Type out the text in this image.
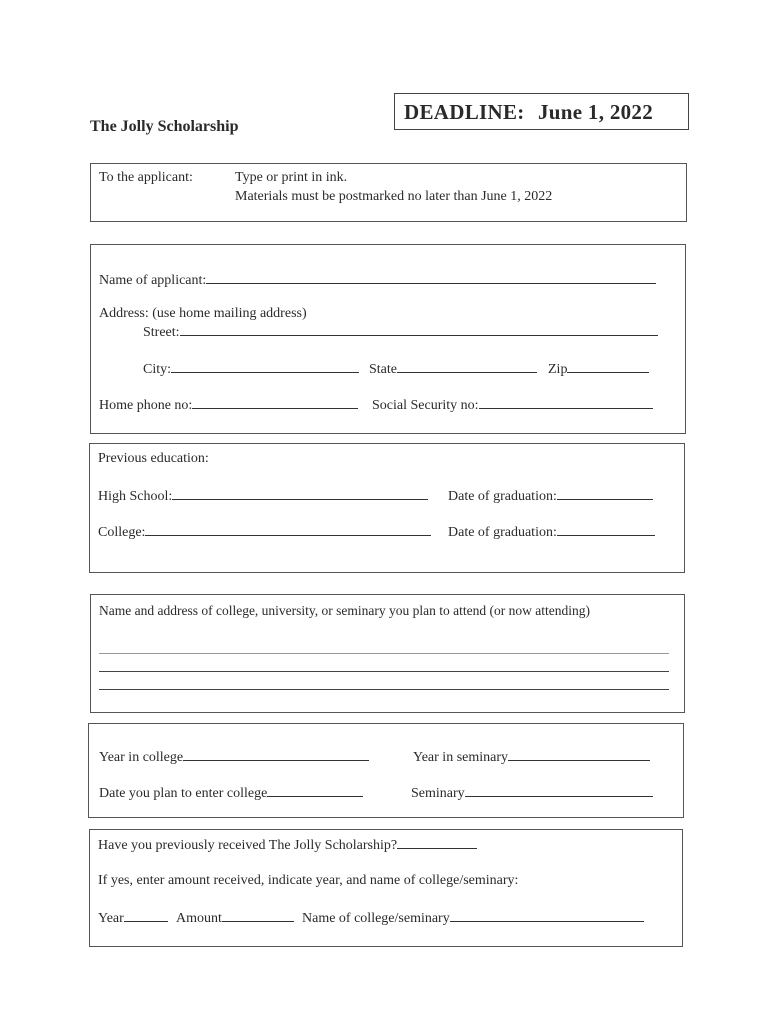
The Jolly Scholarship
DEADLINE: June 1, 2022
To the applicant:	Type or print in ink.
Materials must be postmarked no later than June 1, 2022
Name of applicant:
Address: (use home mailing address)
Street:
City:	State	Zip
Home phone no:	Social Security no:
Previous education:
High School:	Date of graduation:
College:	Date of graduation:
Name and address of college, university, or seminary you plan to attend (or now attending)
Year in college	Year in seminary
Date you plan to enter college	Seminary
Have you previously received The Jolly Scholarship?
If yes, enter amount received, indicate year, and name of college/seminary:
Year	Amount	Name of college/seminary
